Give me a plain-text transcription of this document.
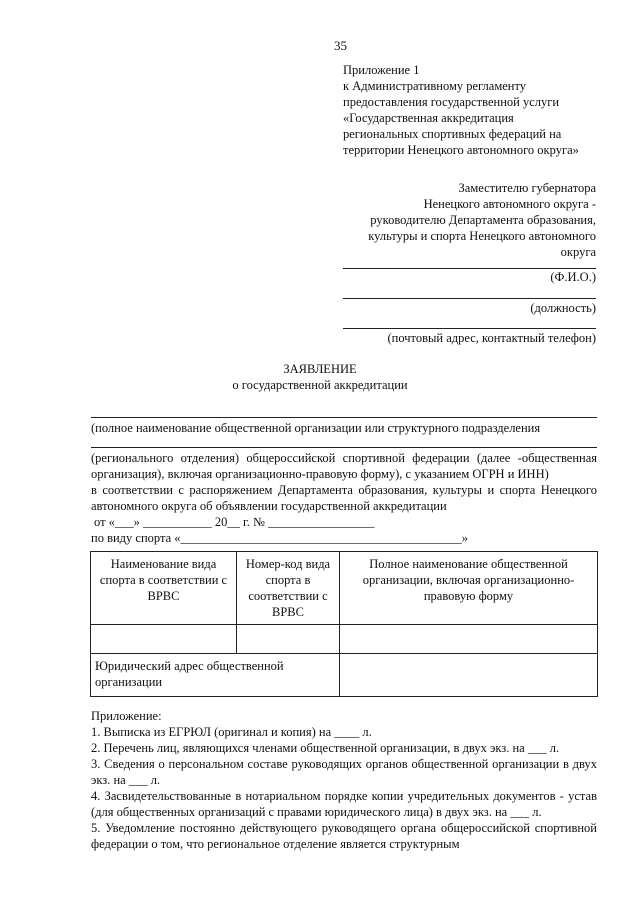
35
Приложение 1
к Административному регламенту
предоставления государственной услуги
«Государственная аккредитация
региональных спортивных федераций на
территории Ненецкого автономного округа»
Заместителю губернатора
Ненецкого автономного округа -
руководителю Департамента образования,
культуры и спорта Ненецкого автономного
округа
(Ф.И.О.)
(должность)
(почтовый адрес, контактный телефон)
ЗАЯВЛЕНИЕ
о государственной аккредитации
(полное наименование общественной организации или структурного подразделения
(регионального отделения) общероссийской спортивной федерации (далее -общественная организация), включая организационно-правовую форму), с указанием ОГРН и ИНН)
в соответствии с распоряжением Департамента образования, культуры и спорта Ненецкого автономного округа об объявлении государственной аккредитации
от «___» ___________ 20__ г. № _________________
по виду спорта «_____________________________________________»
Наименование вида спорта в соответствии с ВРВС	Номер-код вида спорта в соответствии с ВРВС	Полное наименование общественной организации, включая организационно-правовую форму

Юридический адрес общественной организации		

Приложение:

1. Выписка из ЕГРЮЛ (оригинал и копия) на ____ л.

2. Перечень лиц, являющихся членами общественной организации, в двух экз. на ___ л.

3. Сведения о персональном составе руководящих органов общественной организации в двух экз. на ___ л.

4. Засвидетельствованные в нотариальном порядке копии учредительных документов - устав (для общественных организаций с правами юридического лица) в двух экз. на ___ л.

5. Уведомление постоянно действующего руководящего органа общероссийской спортивной федерации о том, что региональное отделение является структурным
